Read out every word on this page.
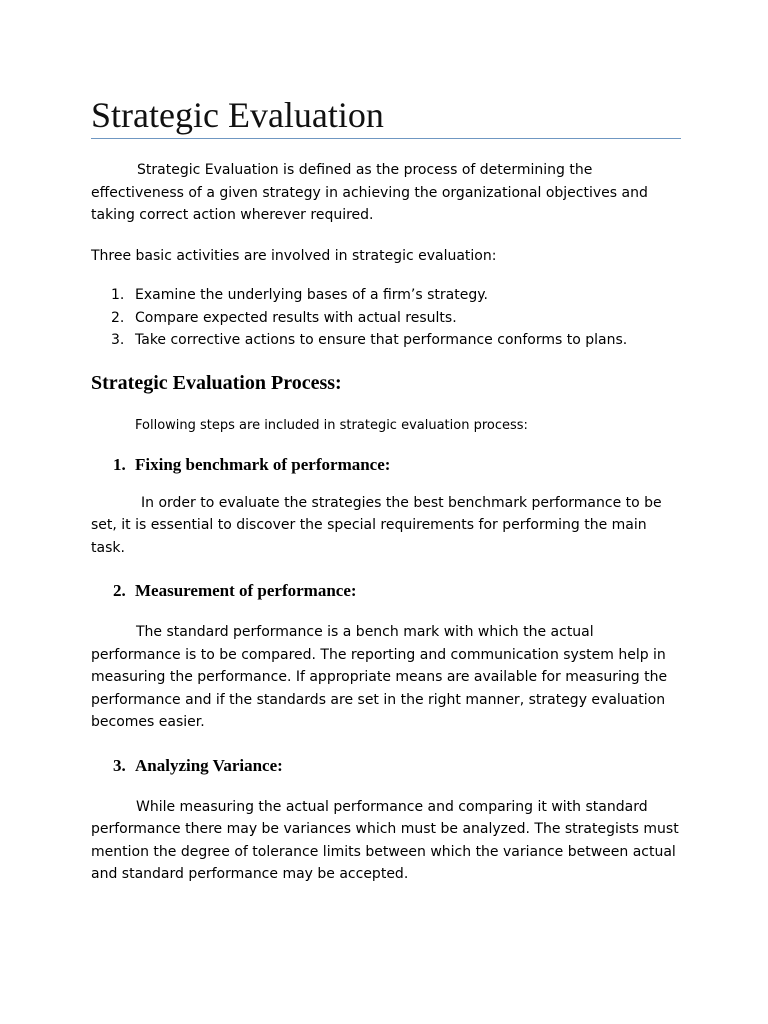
Strategic Evaluation

Strategic Evaluation is defined as the process of determining the effectiveness of a given strategy in achieving the organizational objectives and taking correct action wherever required.

Three basic activities are involved in strategic evaluation:

1. Examine the underlying bases of a firm’s strategy.
2. Compare expected results with actual results.
3. Take corrective actions to ensure that performance conforms to plans.
Strategic Evaluation Process:

Following steps are included in strategic evaluation process:

1. Fixing benchmark of performance:

In order to evaluate the strategies the best benchmark performance to be set, it is essential to discover the special requirements for performing the main task.

2. Measurement of performance:

The standard performance is a bench mark with which the actual performance is to be compared. The reporting and communication system help in measuring the performance. If appropriate means are available for measuring the performance and if the standards are set in the right manner, strategy evaluation becomes easier.

3. Analyzing Variance:

While measuring the actual performance and comparing it with standard performance there may be variances which must be analyzed. The strategists must mention the degree of tolerance limits between which the variance between actual and standard performance may be accepted.
